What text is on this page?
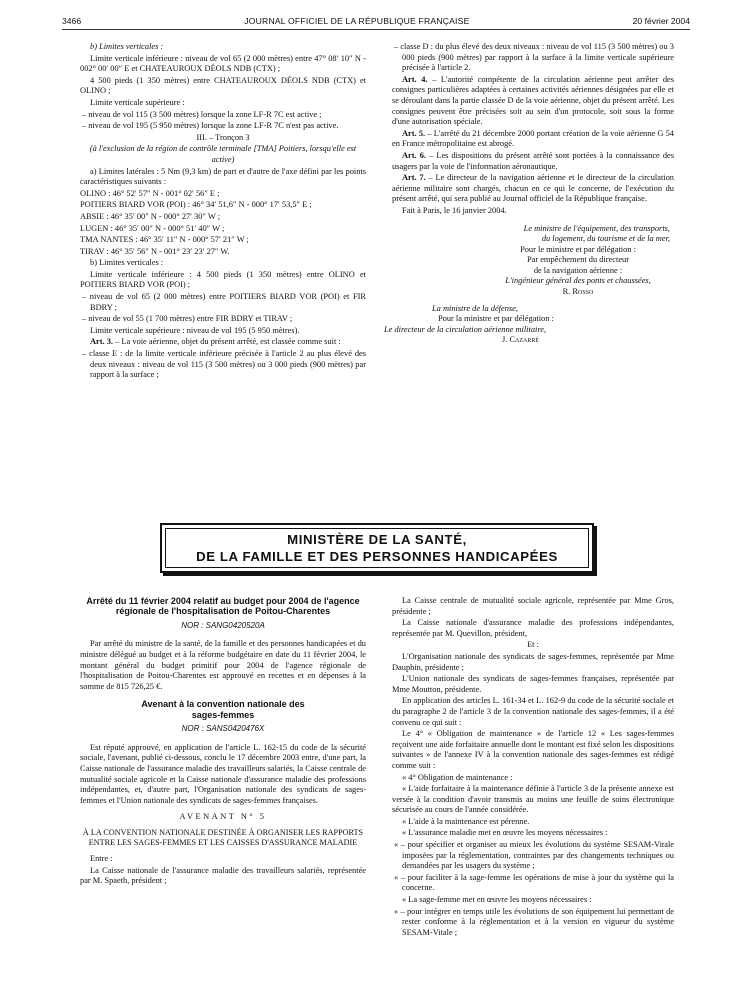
3466	JOURNAL OFFICIEL DE LA RÉPUBLIQUE FRANÇAISE	20 février 2004

b) Limites verticales :

Limite verticale inférieure : niveau de vol 65 (2 000 mètres) entre 47° 08′ 10″ N - 002° 00′ 00″ E et CHATEAUROUX DÉOLS NDB (CTX) ;

4 500 pieds (1 350 mètres) entre CHATEAUROUX DÉOLS NDB (CTX) et OLINO ;

Limite verticale supérieure :

– niveau de vol 115 (3 500 mètres) lorsque la zone LF-R 7C est active ;

– niveau de vol 195 (5 950 mètres) lorsque la zone LF-R 7C n'est pas active.

III. – Tronçon 3

(à l'exclusion de la région de contrôle terminale [TMA] Poitiers, lorsqu'elle est active)

a) Limites latérales : 5 Nm (9,3 km) de part et d'autre de l'axe défini par les points caractéristiques suivants :

OLINO : 46° 52′ 57″ N - 001° 02′ 56″ E ;

POITIERS BIARD VOR (POI) : 46° 34′ 51,6″ N - 000° 17′ 53,5″ E ;

ABSIE : 46° 35′ 00″ N - 000° 27′ 30″ W ;

LUGEN : 46° 35′ 00″ N - 000° 51′ 40″ W ;

TMA NANTES : 46° 35′ 11″ N - 000° 57′ 21″ W ;

TIRAV : 46° 35′ 56″ N - 001° 23′ 23′ 27″ W.

b) Limites verticales :

Limite verticale inférieure : 4 500 pieds (1 350 mètres) entre OLINO et POITIERS BIARD VOR (POI) ;

– niveau de vol 65 (2 000 mètres) entre POITIERS BIARD VOR (POI) et FIR BDRY ;

– niveau de vol 55 (1 700 mètres) entre FIR BDRY et TIRAV ;

Limite verticale supérieure : niveau de vol 195 (5 950 mètres).

Art. 3. – La voie aérienne, objet du présent arrêté, est classée comme suit :

– classe E : de la limite verticale inférieure précisée à l'article 2 au plus élevé des deux niveaux : niveau de vol 115 (3 500 mètres) ou 3 000 pieds (900 mètres) par rapport à la surface ;

– classe D : du plus élevé des deux niveaux : niveau de vol 115 (3 500 mètres) ou 3 000 pieds (900 mètres) par rapport à la surface à la limite verticale supérieure précisée à l'article 2.

Art. 4. – L'autorité compétente de la circulation aérienne peut arrêter des consignes particulières adaptées à certaines activités aériennes désignées par elle et se déroulant dans la partie classée D de la voie aérienne, objet du présent arrêté. Les consignes peuvent être précisées soit au sein d'un protocole, soit sous la forme d'une autorisation spéciale.

Art. 5. – L'arrêté du 21 décembre 2000 portant création de la voie aérienne G 54 en France métropolitaine est abrogé.

Art. 6. – Les dispositions du présent arrêté sont portées à la connaissance des usagers par la voie de l'information aéronautique.

Art. 7. – Le directeur de la navigation aérienne et le directeur de la circulation aérienne militaire sont chargés, chacun en ce qui le concerne, de l'exécution du présent arrêté, qui sera publié au Journal officiel de la République française.

Fait à Paris, le 16 janvier 2004.

Le ministre de l'équipement, des transports,
du logement, du tourisme et de la mer,
Pour le ministre et par délégation :
Par empêchement du directeur
de la navigation aérienne :
L'ingénieur général des ponts et chaussées,
R. Rosso
La ministre de la défense,
Pour la ministre et par délégation :
Le directeur de la circulation aérienne militaire,
J. Cazarré
MINISTÈRE DE LA SANTÉ,
DE LA FAMILLE ET DES PERSONNES HANDICAPÉES
Arrêté du 11 février 2004 relatif au budget pour 2004 de l'agence régionale de l'hospitalisation de Poitou-Charentes
NOR : SANG0420520A

Par arrêté du ministre de la santé, de la famille et des personnes handicapées et du ministre délégué au budget et à la réforme budgétaire en date du 11 février 2004, le montant général du budget primitif pour 2004 de l'agence régionale de l'hospitalisation de Poitou-Charentes est approuvé en recettes et en dépenses à la somme de 815 726,25 €.

Avenant à la convention nationale des sages-femmes
NOR : SANS0420476X

Est réputé approuvé, en application de l'article L. 162-15 du code de la sécurité sociale, l'avenant, publié ci-dessous, conclu le 17 décembre 2003 entre, d'une part, la Caisse nationale de l'assurance maladie des travailleurs salariés, la Caisse centrale de mutualité sociale agricole et la Caisse nationale d'assurance maladie des professions indépendantes, et, d'autre part, l'Organisation nationale des syndicats de sages-femmes et l'Union nationale des syndicats de sages-femmes françaises.

AVENANT N° 5
À LA CONVENTION NATIONALE DESTINÉE À ORGANISER LES RAPPORTS ENTRE LES SAGES-FEMMES ET LES CAISSES D'ASSURANCE MALADIE

Entre :

La Caisse nationale de l'assurance maladie des travailleurs salariés, représentée par M. Spaeth, président ;

La Caisse centrale de mutualité sociale agricole, représentée par Mme Gros, présidente ;

La Caisse nationale d'assurance maladie des professions indépendantes, représentée par M. Quevillon, président,

Et :

L'Organisation nationale des syndicats de sages-femmes, représentée par Mme Dauphin, présidente ;

L'Union nationale des syndicats de sages-femmes françaises, représentée par Mme Moutton, présidente.

En application des articles L. 161-34 et L. 162-9 du code de la sécurité sociale et du paragraphe 2 de l'article 3 de la convention nationale des sages-femmes, il a été convenu ce qui suit :

Le 4° « Obligation de maintenance » de l'article 12 « Les sages-femmes reçoivent une aide forfaitaire annuelle dont le montant est fixé selon les dispositions suivantes » de l'annexe IV à la convention nationale des sages-femmes est rédigé comme suit :

« 4° Obligation de maintenance :

« L'aide forfaitaire à la maintenance définie à l'article 3 de la présente annexe est versée à la condition d'avoir transmis au moins une feuille de soins électronique sécurisée au cours de l'année considérée.

« L'aide à la maintenance est pérenne.

« L'assurance maladie met en œuvre les moyens nécessaires :

« – pour spécifier et organiser au mieux les évolutions du système SESAM-Vitale imposées par la réglementation, contraintes par des changements techniques ou demandées par les usagers du système ;

« – pour faciliter à la sage-femme les opérations de mise à jour du système qui la concerne.

« La sage-femme met en œuvre les moyens nécessaires :

« – pour intégrer en temps utile les évolutions de son équipement lui permettant de rester conforme à la réglementation et à la version en vigueur du système SESAM-Vitale ;
